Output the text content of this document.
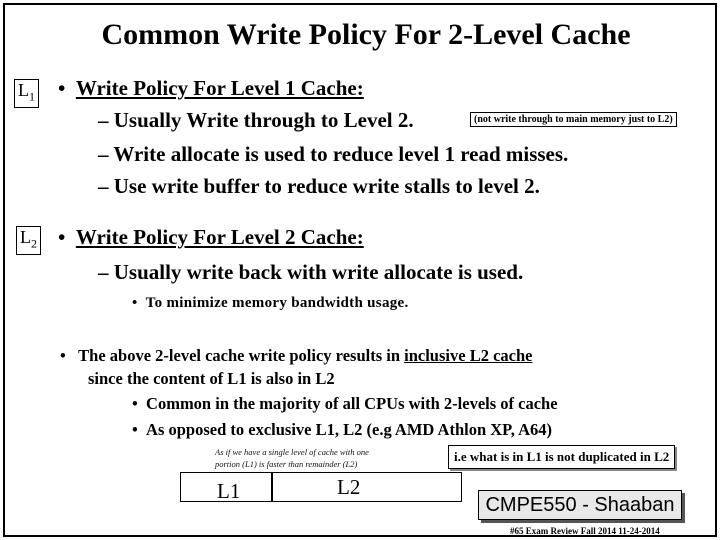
Common Write Policy For 2-Level Cache
$L_1$ • Write Policy For Level 1 Cache:
– Usually Write through to Level 2.	(not write through to main memory just to L2)
– Write allocate is used to reduce level 1 read misses.
– Use write buffer to reduce write stalls to level 2.
$L_2$ • Write Policy For Level 2 Cache:
– Usually write back with write allocate is used.
• To minimize memory bandwidth usage.
• The above 2-level cache write policy results in inclusive L2 cache
since the content of L1 is also in L2
• Common in the majority of all CPUs with 2-levels of cache
• As opposed to exclusive L1, L2 (e.g AMD Athlon XP, A64)
As if we have a single level of cache with one
portion (L1) is faster than remainder (L2)	i.e what is in L1 is not duplicated in L2
L1	L2
CMPE550 - Shaaban
#65 Exam Review Fall 2014 11-24-2014
